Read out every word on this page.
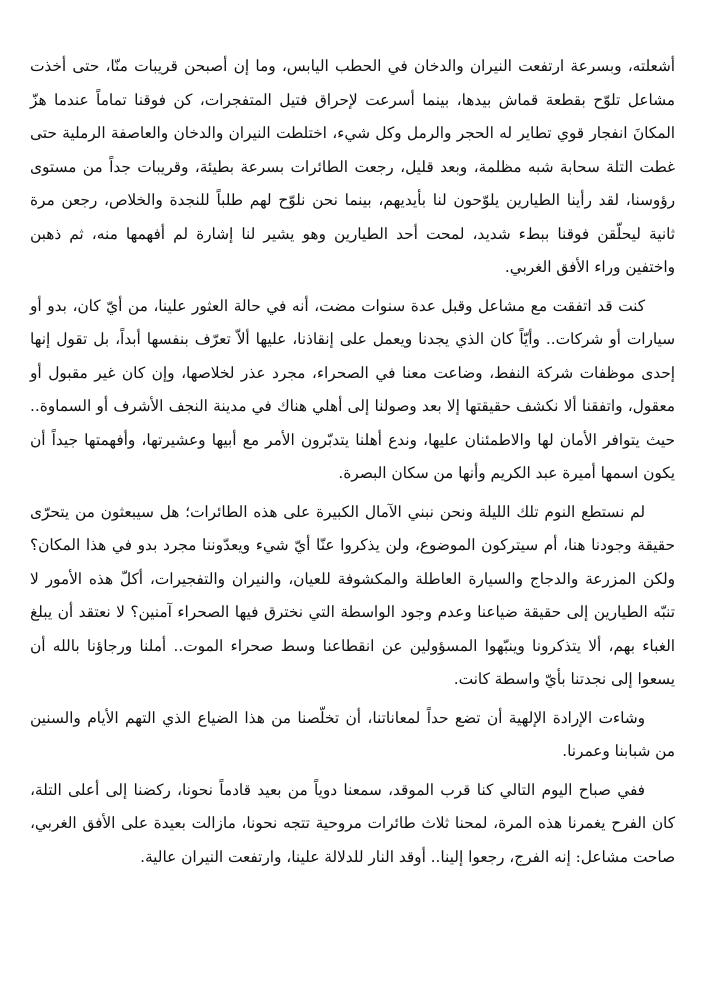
أشعلته، وبسرعة ارتفعت النيران والدخان في الحطب اليابس، وما إن أصبحن قريبات منّا، حتى أخذت مشاعل تلوّح بقطعة قماش بيدها، بينما أسرعت لإحراق فتيل المتفجرات، كن فوقنا تماماً عندما هزّ المكانَ انفجار قوي تطاير له الحجر والرمل وكل شيء، اختلطت النيران والدخان والعاصفة الرملية حتى غطت التلة سحابة شبه مظلمة، وبعد قليل، رجعت الطائرات بسرعة بطيئة، وقريبات جداً من مستوى رؤوسنا، لقد رأينا الطيارين يلوّحون لنا بأيديهم، بينما نحن نلوّح لهم طلباً للنجدة والخلاص، رجعن مرة ثانية ليحلّقن فوقنا ببطء شديد، لمحت أحد الطيارين وهو يشير لنا إشارة لم أفهمها منه، ثم ذهبن واختفين وراء الأفق الغربي.

كنت قد اتفقت مع مشاعل وقبل عدة سنوات مضت، أنه في حالة العثور علينا، من أيّ كان، بدو أو سيارات أو شركات.. وأيّاً كان الذي يجدنا ويعمل على إنقاذنا، عليها ألاّ تعرّف بنفسها أبداً، بل تقول إنها إحدى موظفات شركة النفط، وضاعت معنا في الصحراء، مجرد عذر لخلاصها، وإن كان غير مقبول أو معقول، واتفقنا ألا نكشف حقيقتها إلا بعد وصولنا إلى أهلي هناك في مدينة النجف الأشرف أو السماوة.. حيث يتوافر الأمان لها والاطمئنان عليها، وندع أهلنا يتدبّرون الأمر مع أبيها وعشيرتها، وأفهمتها جيداً أن يكون اسمها أميرة عبد الكريم وأنها من سكان البصرة.

لم نستطع النوم تلك الليلة ونحن نبني الآمال الكبيرة على هذه الطائرات؛ هل سيبعثون من يتحرّى حقيقة وجودنا هنا، أم سيتركون الموضوع، ولن يذكروا عنّا أيّ شيء ويعدّوننا مجرد بدو في هذا المكان؟ ولكن المزرعة والدجاج والسيارة العاطلة والمكشوفة للعيان، والنيران والتفجيرات، أكلّ هذه الأمور لا تنبّه الطيارين إلى حقيقة ضياعنا وعدم وجود الواسطة التي نخترق فيها الصحراء آمنين؟ لا نعتقد أن يبلغ الغباء بهم، ألا يتذكرونا وينبّهوا المسؤولين عن انقطاعنا وسط صحراء الموت.. أملنا ورجاؤنا بالله أن يسعوا إلى نجدتنا بأيّ واسطة كانت.

وشاءت الإرادة الإلهية أن تضع حداً لمعاناتنا، أن تخلّصنا من هذا الضياع الذي التهم الأيام والسنين من شبابنا وعمرنا.

ففي صباح اليوم التالي كنا قرب الموقد، سمعنا دوياً من بعيد قادماً نحونا، ركضنا إلى أعلى التلة، كان الفرح يغمرنا هذه المرة، لمحنا ثلاث طائرات مروحية تتجه نحونا، مازالت بعيدة على الأفق الغربي، صاحت مشاعل: إنه الفرج، رجعوا إلينا.. أوقد النار للدلالة علينا، وارتفعت النيران عالية.
